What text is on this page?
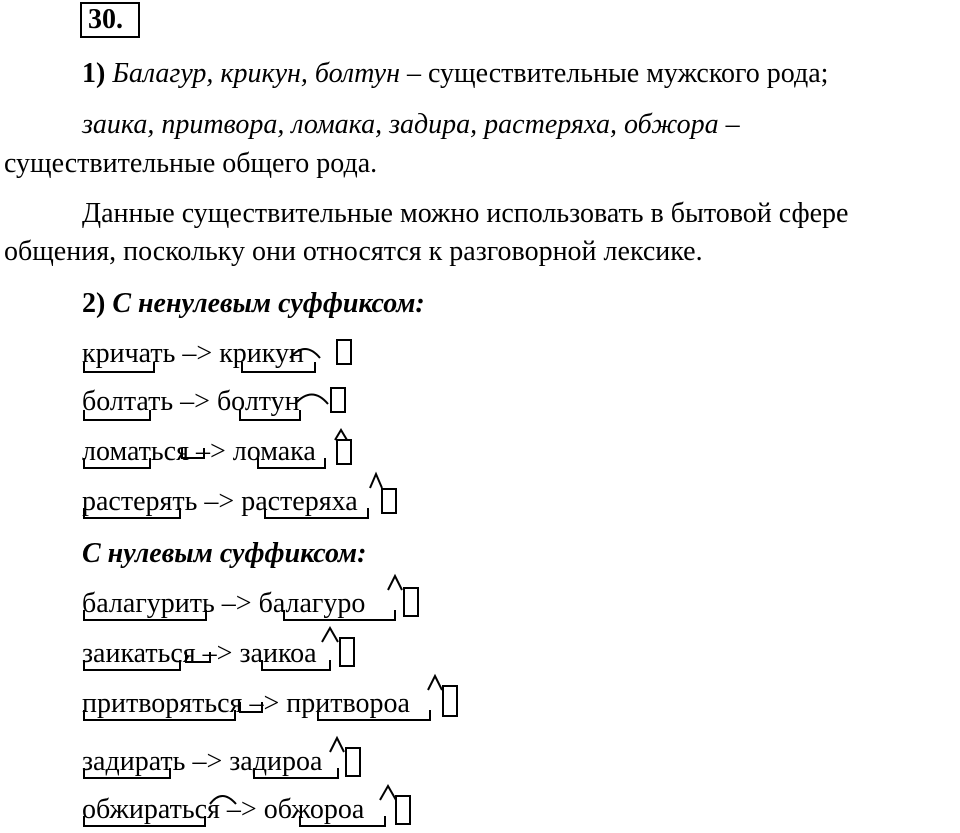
30.
1) Балагур, крикун, болтун – существительные мужского рода;
заика, притвора, ломака, задира, растеряха, обжора –
существительные общего рода.
Данные существительные можно использовать в бытовой сфере
общения, поскольку они относятся к разговорной лексике.
2) С ненулевым суффиксом:
С нулевым суффиксом:
кричать –> крикун
болтать –> болтун
ломаться –> ломака
растерять –> растеряха
балагурить –> балагуро
заикаться –> заикоа
притворяться –> притвороа
задирать –> задироа
обжираться –> обжороа
